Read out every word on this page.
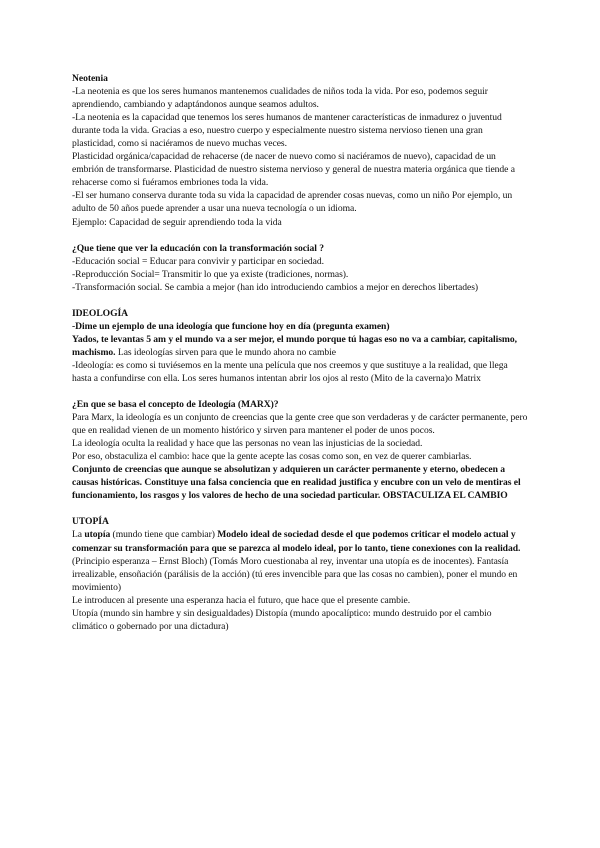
Neotenia

-La neotenia es que los seres humanos mantenemos cualidades de niños toda la vida. Por eso, podemos seguir aprendiendo, cambiando y adaptándonos aunque seamos adultos.

-La neotenia es la capacidad que tenemos los seres humanos de mantener características de inmadurez o juventud durante toda la vida. Gracias a eso, nuestro cuerpo y especialmente nuestro sistema nervioso tienen una gran plasticidad, como si naciéramos de nuevo muchas veces.

Plasticidad orgánica/capacidad de rehacerse (de nacer de nuevo como si naciéramos de nuevo), capacidad de un embrión de transformarse. Plasticidad de nuestro sistema nervioso y general de nuestra materia orgánica que tiende a rehacerse como si fuéramos embriones toda la vida.

-El ser humano conserva durante toda su vida la capacidad de aprender cosas nuevas, como un niño Por ejemplo, un adulto de 50 años puede aprender a usar una nueva tecnología o un idioma.

Ejemplo: Capacidad de seguir aprendiendo toda la vida

¿Que tiene que ver la educación con la transformación social ?

-Educación social = Educar para convivir y participar en sociedad.

-Reproducción Social= Transmitir lo que ya existe (tradiciones, normas).

-Transformación social. Se cambia a mejor (han ido introduciendo cambios a mejor en derechos libertades)

IDEOLOGÍA

-Dime un ejemplo de una ideología que funcione hoy en día (pregunta examen)

Yados, te levantas 5 am y el mundo va a ser mejor, el mundo porque tú hagas eso no va a cambiar, capitalismo, machismo. Las ideologías sirven para que le mundo ahora no cambie

-Ideología: es como si tuviésemos en la mente una película que nos creemos y que sustituye a la realidad, que llega hasta a confundirse con ella. Los seres humanos intentan abrir los ojos al resto (Mito de la caverna)o Matrix

¿En que se basa el concepto de Ideología (MARX)?

Para Marx, la ideología es un conjunto de creencias que la gente cree que son verdaderas y de carácter permanente, pero que en realidad vienen de un momento histórico y sirven para mantener el poder de unos pocos.

La ideología oculta la realidad y hace que las personas no vean las injusticias de la sociedad.

Por eso, obstaculiza el cambio: hace que la gente acepte las cosas como son, en vez de querer cambiarlas.

Conjunto de creencias que aunque se absolutizan y adquieren un carácter permanente y eterno, obedecen a causas históricas. Constituye una falsa conciencia que en realidad justifica y encubre con un velo de mentiras el funcionamiento, los rasgos y los valores de hecho de una sociedad particular. OBSTACULIZA EL CAMBIO

UTOPÍA

La utopía (mundo tiene que cambiar) Modelo ideal de sociedad desde el que podemos criticar el modelo actual y comenzar su transformación para que se parezca al modelo ideal, por lo tanto, tiene conexiones con la realidad. (Principio esperanza – Ernst Bloch) (Tomás Moro cuestionaba al rey, inventar una utopía es de inocentes). Fantasía irrealizable, ensoñación (parálisis de la acción) (tú eres invencible para que las cosas no cambien), poner el mundo en movimiento)

Le introducen al presente una esperanza hacia el futuro, que hace que el presente cambie.

Utopía (mundo sin hambre y sin desigualdades) Distopía (mundo apocalíptico: mundo destruido por el cambio climático o gobernado por una dictadura)
